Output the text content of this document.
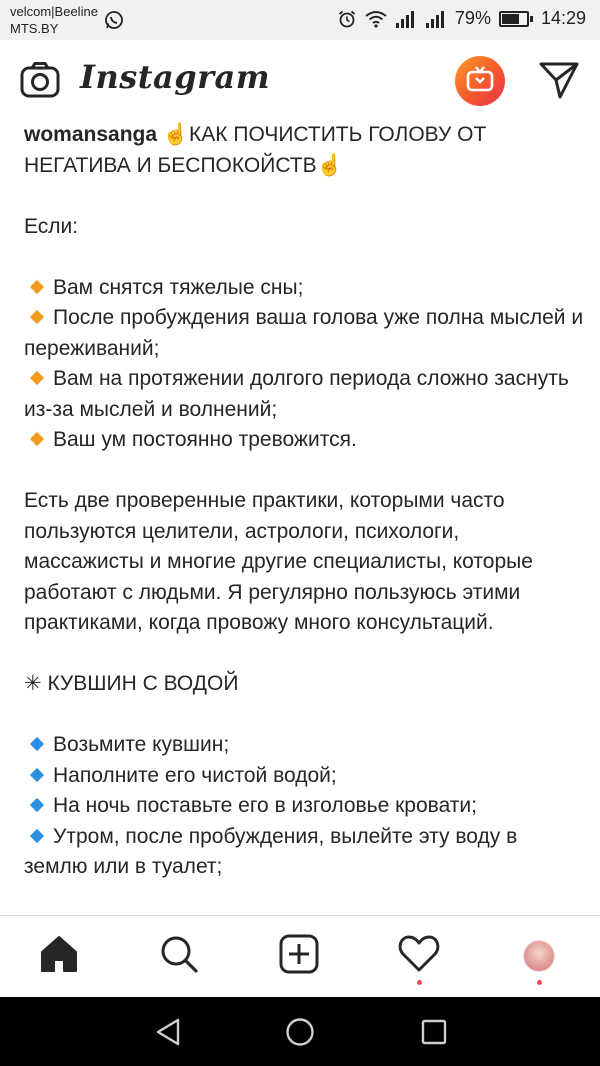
velcom|Beeline
MTS.BY
79%	14:29
Instagram

womansanga ☝КАК ПОЧИСТИТЬ ГОЛОВУ ОТ НЕГАТИВА И БЕСПОКОЙСТВ☝

Если:

Вам снятся тяжелые сны;
После пробуждения ваша голова уже полна мыслей и переживаний;
Вам на протяжении долгого периода сложно заснуть из-за мыслей и волнений;
Ваш ум постоянно тревожится.

Есть две проверенные практики, которыми часто пользуются целители, астрологи, психологи, массажисты и многие другие специалисты, которые работают с людьми. Я регулярно пользуюсь этими практиками, когда провожу много консультаций.

✳ КУВШИН С ВОДОЙ

Возьмите кувшин;
Наполните его чистой водой;
На ночь поставьте его в изголовье кровати;
Утром, после пробуждения, вылейте эту воду в землю или в туалет;
